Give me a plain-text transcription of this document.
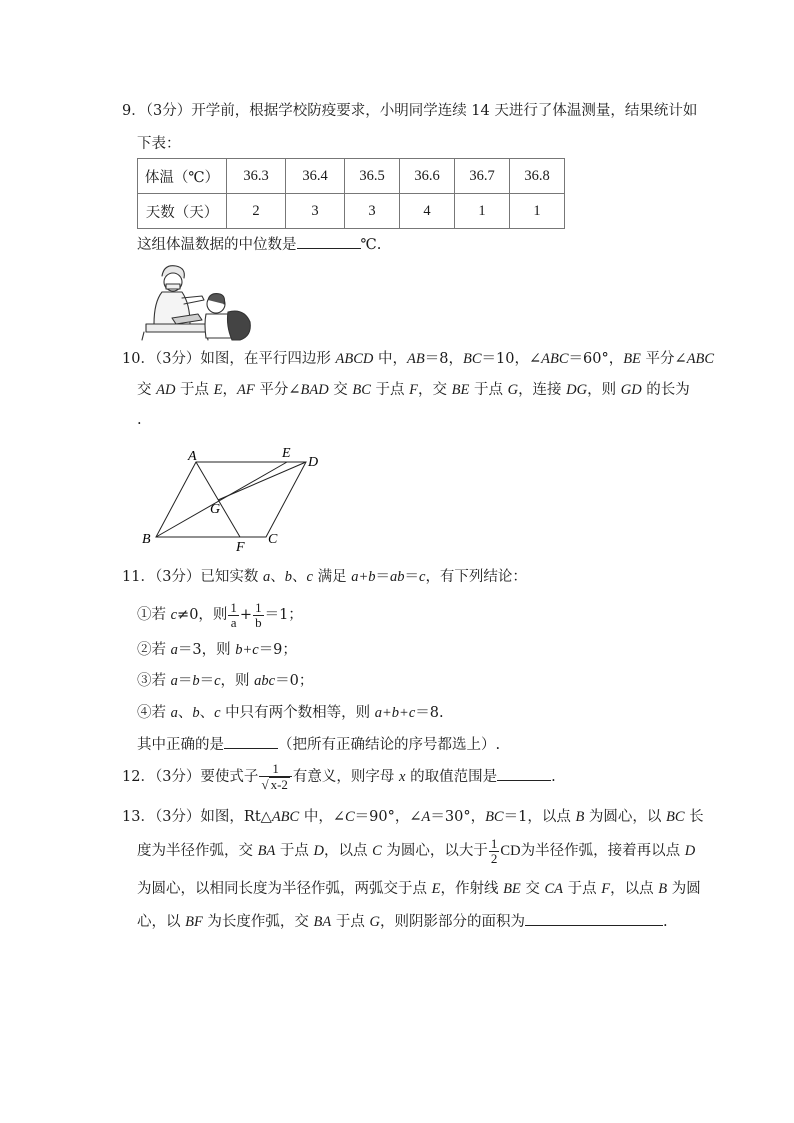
9．（3分）开学前，根据学校防疫要求，小明同学连续 14 天进行了体温测量，结果统计如
下表：
体温（℃）	36.3	36.4	36.5	36.6	36.7	36.8
天数（天）	2	3	3	4	1	1
这组体温数据的中位数是	℃.
10．（3分）如图，在平行四边形 ABCD 中，AB＝8，BC＝10，∠ABC＝60°，BE 平分∠ABC
交 AD 于点 E，AF 平分∠BAD 交 BC 于点 F，交 BE 于点 G，连接 DG，则 GD 的长为
.
A	E
D
G
B
F
C
11．（3分）已知实数 a、b、c 满足 a+b＝ab＝c，有下列结论：
①若 c≠0，则 $\frac{1}{a} + \frac{1}{b} =1$；
②若 a＝3，则 b+c＝9；
③若 a＝b＝c，则 abc＝0；
④若 a、b、c 中只有两个数相等，则 a+b+c＝8.
其中正确的是	（把所有正确结论的序号都选上）.
12．（3分）要使式子 $\frac{1}{√ x-2}$ 有意义，则字母 x 的取值范围是	.
13．（3分）如图，Rt△ABC 中，∠C＝90°，∠A＝30°，BC＝1，以点 B 为圆心，以 BC 长
度为半径作弧，交 BA 于点 D，以点 C 为圆心，以大于 $\frac{1}{2}$ CD为半径作弧，接着再以点 D
为圆心，以相同长度为半径作弧，两弧交于点 E，作射线 BE 交 CA 于点 F，以点 B 为圆
心，以 BF 为长度作弧，交 BA 于点 G，则阴影部分的面积为	.
